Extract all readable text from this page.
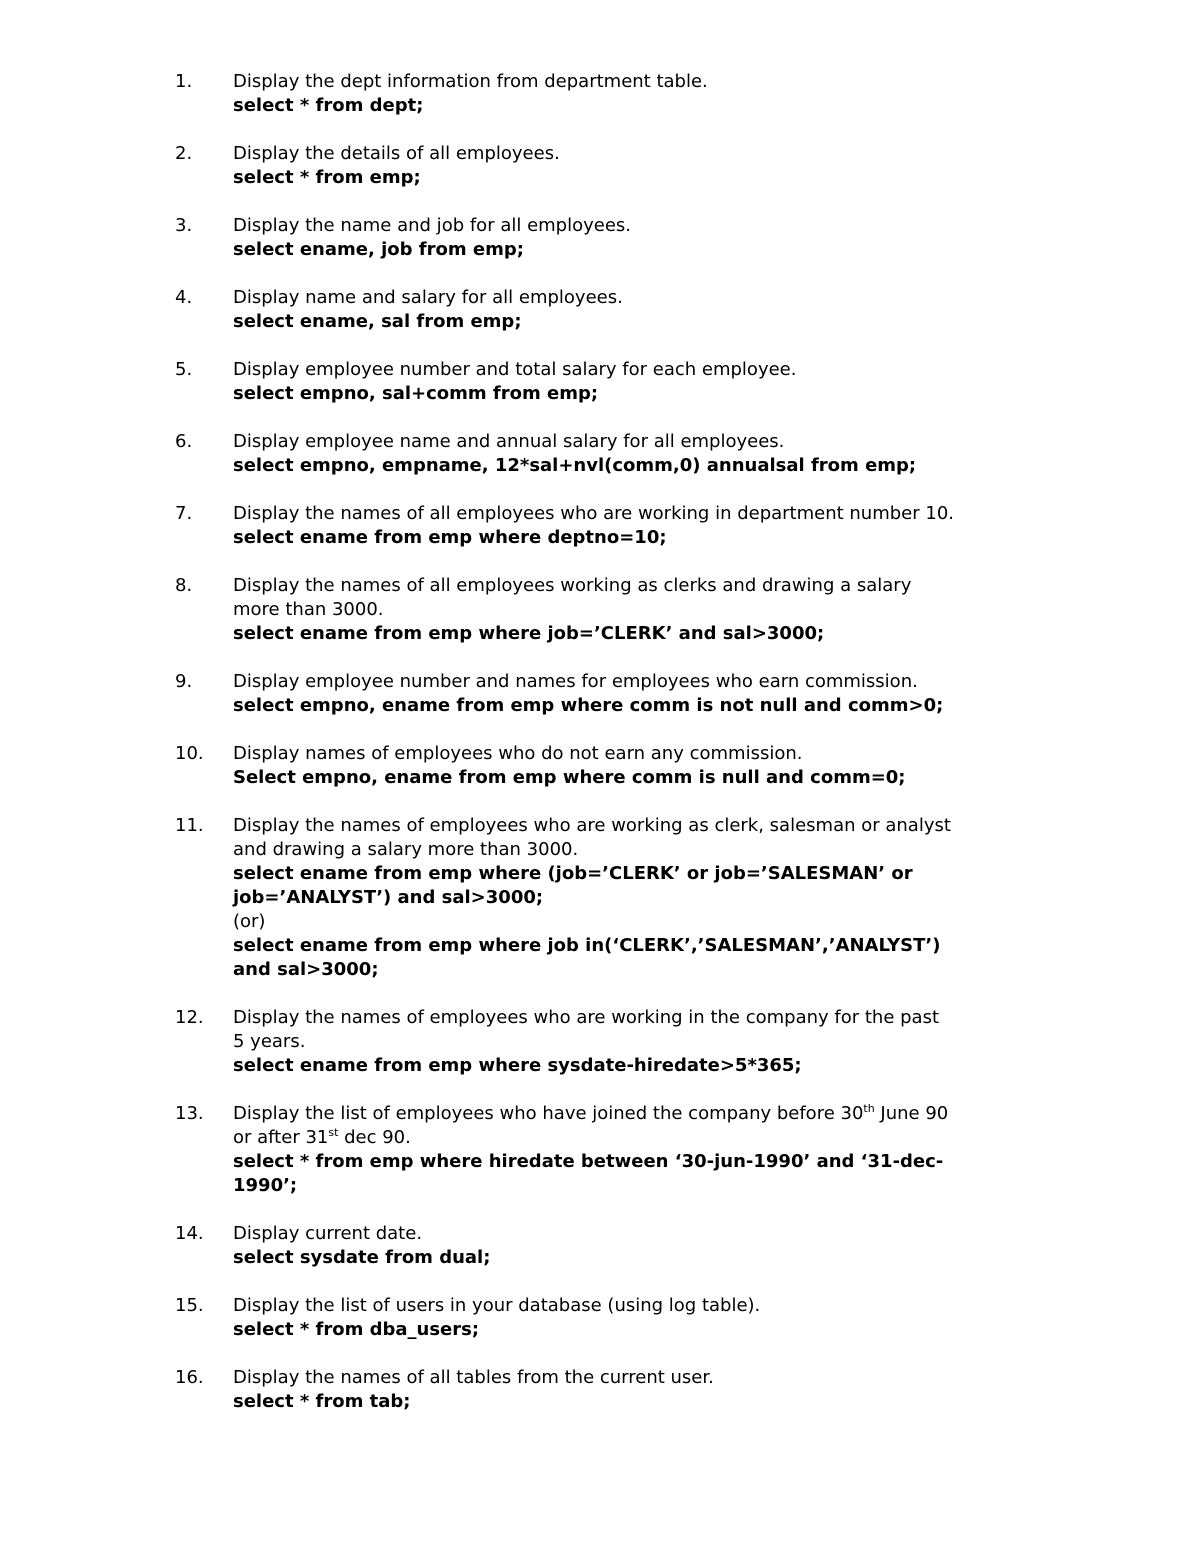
1. Display the dept information from department table.
select * from dept;
2. Display the details of all employees.
select * from emp;
3. Display the name and job for all employees.
select ename, job from emp;
4. Display name and salary for all employees.
select ename, sal from emp;
5. Display employee number and total salary for each employee.
select empno, sal+comm from emp;
6. Display employee name and annual salary for all employees.
select empno, empname, 12*sal+nvl(comm,0) annualsal from emp;
7. Display the names of all employees who are working in department number 10.
select ename from emp where deptno=10;
8. Display the names of all employees working as clerks and drawing a salary
more than 3000.
select ename from emp where job=’CLERK’ and sal>3000;
9. Display employee number and names for employees who earn commission.
select empno, ename from emp where comm is not null and comm>0;
10. Display names of employees who do not earn any commission.
Select empno, ename from emp where comm is null and comm=0;
11. Display the names of employees who are working as clerk, salesman or analyst
and drawing a salary more than 3000.
select ename from emp where (job=’CLERK’ or job=’SALESMAN’ or
job=’ANALYST’) and sal>3000;
(or)
select ename from emp where job in(‘CLERK’,’SALESMAN’,’ANALYST’)
and sal>3000;
12. Display the names of employees who are working in the company for the past
5 years.
select ename from emp where sysdate-hiredate>5*365;
13. Display the list of employees who have joined the company before 30th June 90
or after 31st dec 90.
select * from emp where hiredate between ‘30-jun-1990’ and ‘31-dec-
1990’;
14. Display current date.
select sysdate from dual;
15. Display the list of users in your database (using log table).
select * from dba_users;
16. Display the names of all tables from the current user.
select * from tab;
